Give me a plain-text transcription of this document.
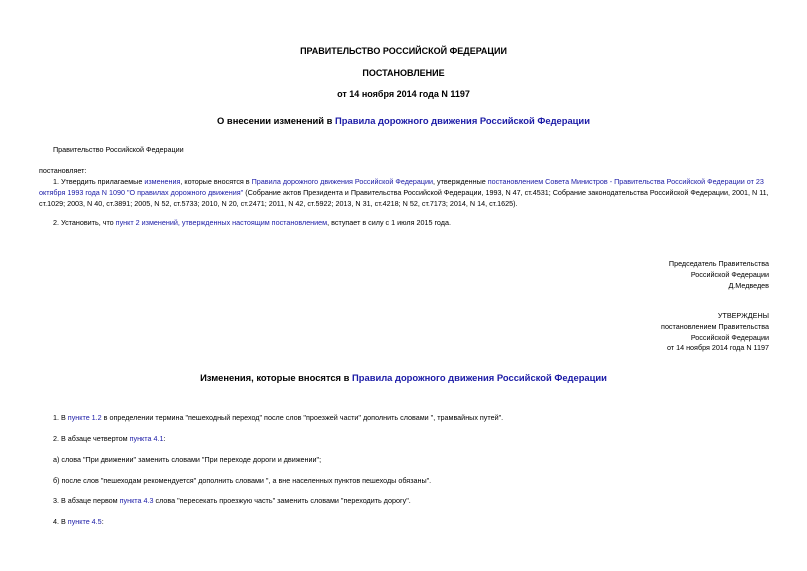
ПРАВИТЕЛЬСТВО РОССИЙСКОЙ ФЕДЕРАЦИИ
ПОСТАНОВЛЕНИЕ
от 14 ноября 2014 года N 1197
О внесении изменений в Правила дорожного движения Российской Федерации
Правительство Российской Федерации
постановляет:
1. Утвердить прилагаемые изменения, которые вносятся в Правила дорожного движения Российской Федерации, утвержденные постановлением Совета Министров - Правительства Российской Федерации от 23 октября 1993 года N 1090 "О правилах дорожного движения" (Собрание актов Президента и Правительства Российской Федерации, 1993, N 47, ст.4531; Собрание законодательства Российской Федерации, 2001, N 11, ст.1029; 2003, N 40, ст.3891; 2005, N 52, ст.5733; 2010, N 20, ст.2471; 2011, N 42, ст.5922; 2013, N 31, ст.4218; N 52, ст.7173; 2014, N 14, ст.1625).
2. Установить, что пункт 2 изменений, утвержденных настоящим постановлением, вступает в силу с 1 июля 2015 года.

Председатель Правительства

Российской Федерации

Д.Медведев

УТВЕРЖДЕНЫ

постановлением Правительства

Российской Федерации

от 14 ноября 2014 года N 1197

Изменения, которые вносятся в Правила дорожного движения Российской Федерации
1. В пункте 1.2 в определении термина "пешеходный переход" после слов "проезжей части" дополнить словами ", трамвайных путей".
2. В абзаце четвертом пункта 4.1:
а) слова "При движении" заменить словами "При переходе дороги и движении";
б) после слов "пешеходам рекомендуется" дополнить словами ", а вне населенных пунктов пешеходы обязаны".
3. В абзаце первом пункта 4.3 слова "пересекать проезжую часть" заменить словами "переходить дорогу".
4. В пункте 4.5:
